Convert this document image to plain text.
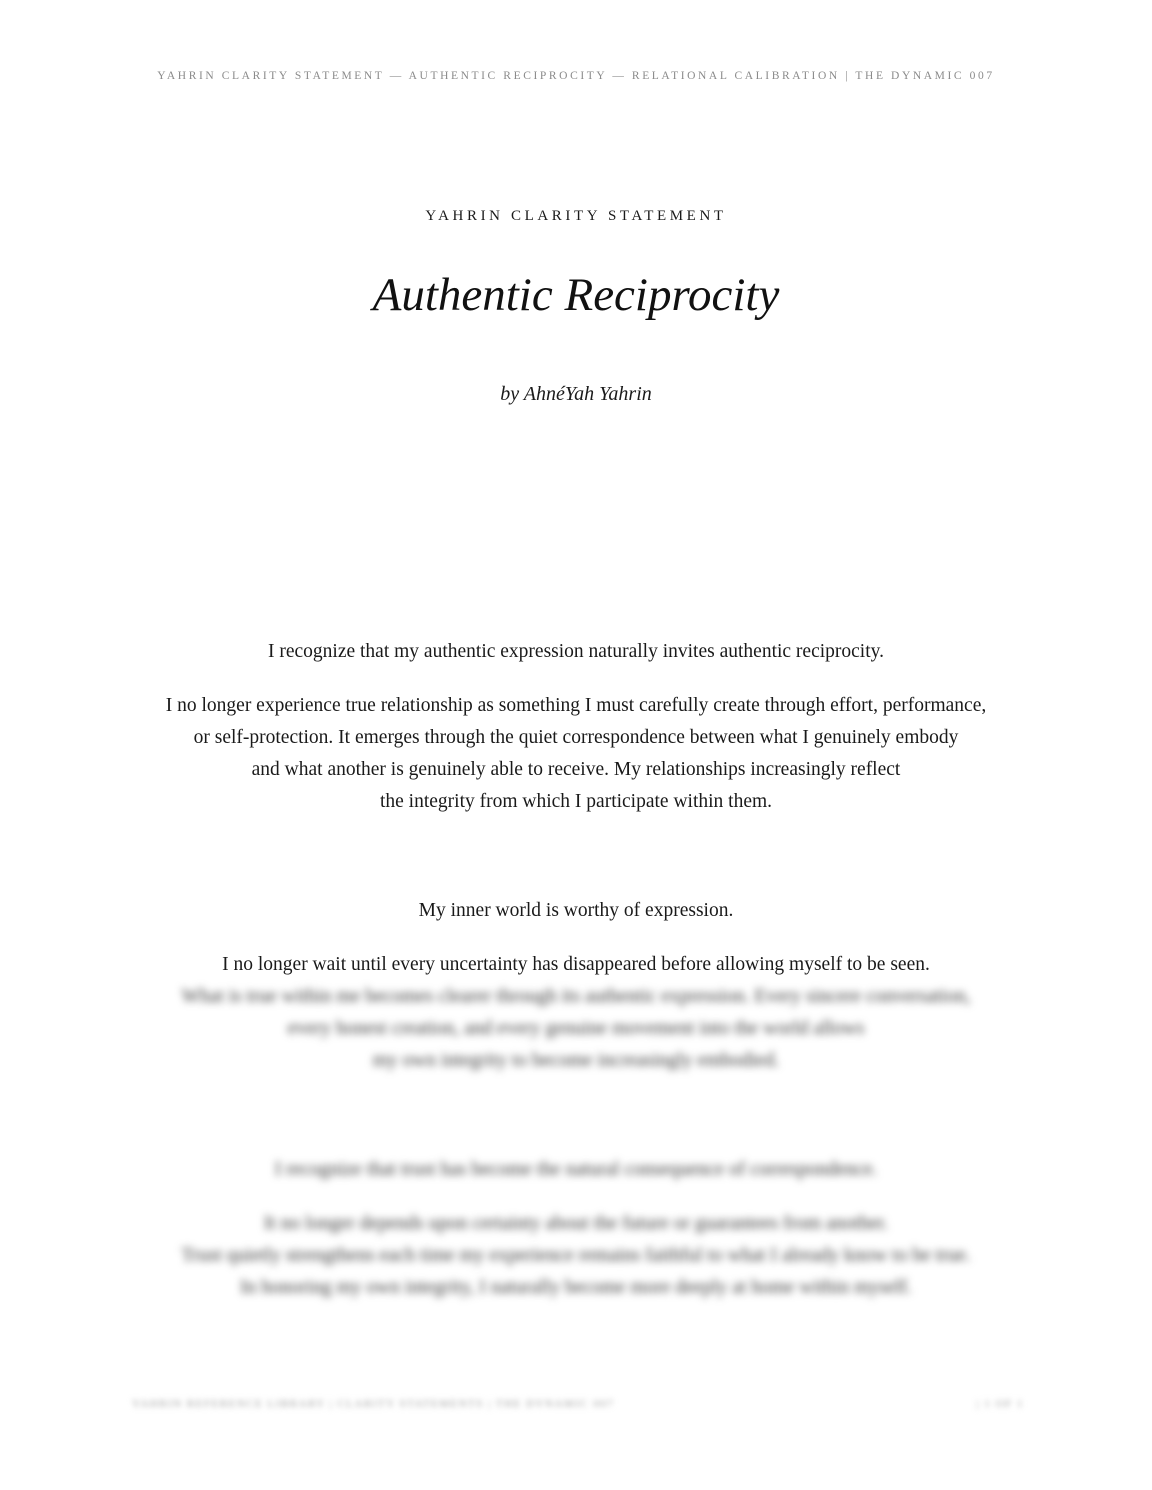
YAHRIN CLARITY STATEMENT — AUTHENTIC RECIPROCITY — RELATIONAL CALIBRATION | THE DYNAMIC 007
YAHRIN CLARITY STATEMENT
Authentic Reciprocity
by AhnéYah Yahrin
I recognize that my authentic expression naturally invites authentic reciprocity.
I no longer experience true relationship as something I must carefully create through effort, performance,
or self-protection. It emerges through the quiet correspondence between what I genuinely embody
and what another is genuinely able to receive. My relationships increasingly reflect
the integrity from which I participate within them.
My inner world is worthy of expression.
I no longer wait until every uncertainty has disappeared before allowing myself to be seen.
What is true within me becomes clearer through its authentic expression. Every sincere conversation,
every honest creation, and every genuine movement into the world allows
my own integrity to become increasingly embodied.
I recognize that trust has become the natural consequence of correspondence.
It no longer depends upon certainty about the future or guarantees from another.
Trust quietly strengthens each time my experience remains faithful to what I already know to be true.
In honoring my own integrity, I naturally become more deeply at home within myself.
YAHRIN REFERENCE LIBRARY | CLARITY STATEMENTS | THE DYNAMIC 007	| 1 OF 1
